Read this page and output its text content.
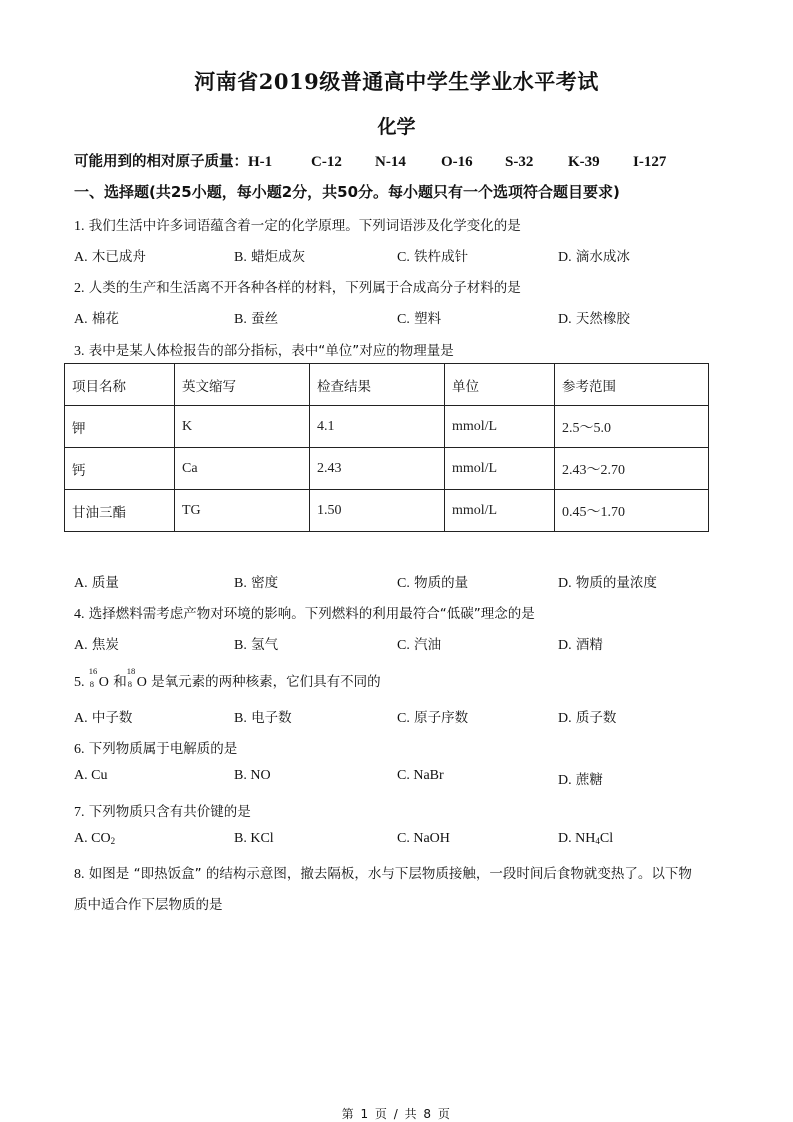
河南省2019级普通高中学生学业水平考试
化学
可能用到的相对原子质量：H-1	C-12 N-14 O-16 S-32 K-39 I-127
一、选择题(共25小题，每小题2分，共50分。每小题只有一个选项符合题目要求)
1. 我们生活中许多词语蕴含着一定的化学原理。下列词语涉及化学变化的是
A. 木已成舟	B. 蜡炬成灰	C. 铁杵成针	D. 滴水成冰
2. 人类的生产和生活离不开各种各样的材料，下列属于合成高分子材料的是
A. 棉花	B. 蚕丝	C. 塑料	D. 天然橡胶
3. 表中是某人体检报告的部分指标，表中“单位”对应的物理量是
项目名称	英文缩写	检查结果	单位	参考范围
钾	K	4.1	mmol/L	2.5～5.0
钙	Ca	2.43	mmol/L	2.43～2.70
甘油三酯	TG	1.50	mmol/L	0.45～1.70
A. 质量	B. 密度	C. 物质的量	D. 物质的量浓度
4. 选择燃料需考虑产物对环境的影响。下列燃料的利用最符合“低碳”理念的是
A. 焦炭	B. 氢气	C. 汽油	D. 酒精
5.
16
8 O 和
18
8 O 是氧元素的两种核素，它们具有不同的
A. 中子数	B. 电子数	C. 原子序数	D. 质子数
6. 下列物质属于电解质的是
A. Cu	B. NO	C. NaBr	D. 蔗糖
7. 下列物质只含有共价键的是
A. $CO_2$	B. KCl	C. NaOH	D. $NH_4Cl$
8. 如图是 “即热饭盒” 的结构示意图，撤去隔板，水与下层物质接触，一段时间后食物就变热了。以下物
质中适合作下层物质的是
第 1 页 / 共 8 页
